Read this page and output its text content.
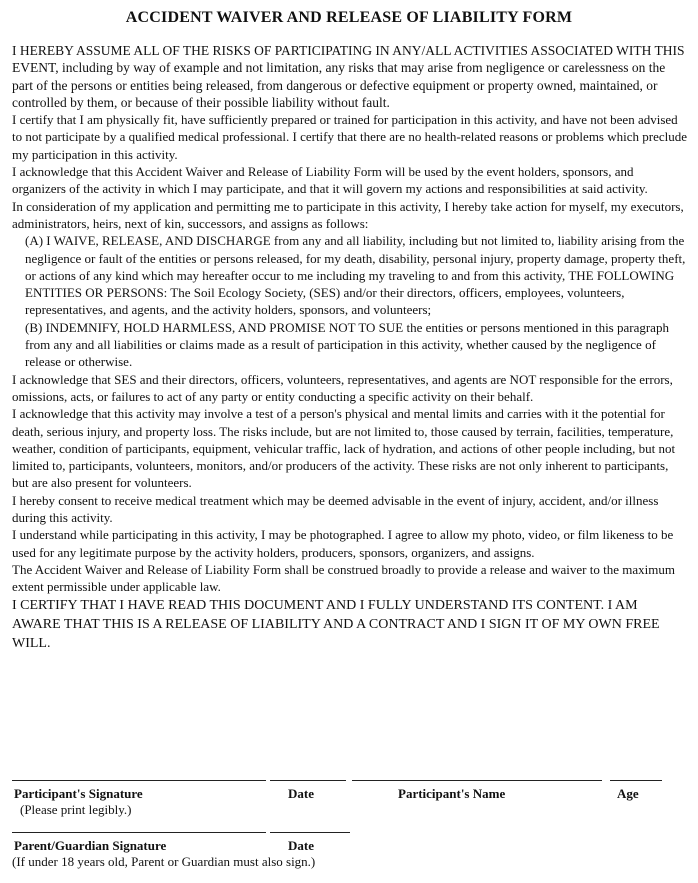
ACCIDENT WAIVER AND RELEASE OF LIABILITY FORM

I HEREBY ASSUME ALL OF THE RISKS OF PARTICIPATING IN ANY/ALL ACTIVITIES ASSOCIATED WITH THIS EVENT, including by way of example and not limitation, any risks that may arise from negligence or carelessness on the part of the persons or entities being released, from dangerous or defective equipment or property owned, maintained, or controlled by them, or because of their possible liability without fault.

I certify that I am physically fit, have sufficiently prepared or trained for participation in this activity, and have not been advised to not participate by a qualified medical professional. I certify that there are no health-related reasons or problems which preclude my participation in this activity.

I acknowledge that this Accident Waiver and Release of Liability Form will be used by the event holders, sponsors, and organizers of the activity in which I may participate, and that it will govern my actions and responsibilities at said activity.

In consideration of my application and permitting me to participate in this activity, I hereby take action for myself, my executors, administrators, heirs, next of kin, successors, and assigns as follows:

(A) I WAIVE, RELEASE, AND DISCHARGE from any and all liability, including but not limited to, liability arising from the negligence or fault of the entities or persons released, for my death, disability, personal injury, property damage, property theft, or actions of any kind which may hereafter occur to me including my traveling to and from this activity, THE FOLLOWING ENTITIES OR PERSONS: The Soil Ecology Society, (SES) and/or their directors, officers, employees, volunteers, representatives, and agents, and the activity holders, sponsors, and volunteers;

(B) INDEMNIFY, HOLD HARMLESS, AND PROMISE NOT TO SUE the entities or persons mentioned in this paragraph from any and all liabilities or claims made as a result of participation in this activity, whether caused by the negligence of release or otherwise.

I acknowledge that SES and their directors, officers, volunteers, representatives, and agents are NOT responsible for the errors, omissions, acts, or failures to act of any party or entity conducting a specific activity on their behalf.

I acknowledge that this activity may involve a test of a person's physical and mental limits and carries with it the potential for death, serious injury, and property loss. The risks include, but are not limited to, those caused by terrain, facilities, temperature, weather, condition of participants, equipment, vehicular traffic, lack of hydration, and actions of other people including, but not limited to, participants, volunteers, monitors, and/or producers of the activity. These risks are not only inherent to participants, but are also present for volunteers.

I hereby consent to receive medical treatment which may be deemed advisable in the event of injury, accident, and/or illness during this activity.

I understand while participating in this activity, I may be photographed. I agree to allow my photo, video, or film likeness to be used for any legitimate purpose by the activity holders, producers, sponsors, organizers, and assigns.

The Accident Waiver and Release of Liability Form shall be construed broadly to provide a release and waiver to the maximum extent permissible under applicable law.

I CERTIFY THAT I HAVE READ THIS DOCUMENT AND I FULLY UNDERSTAND ITS CONTENT. I AM AWARE THAT THIS IS A RELEASE OF LIABILITY AND A CONTRACT AND I SIGN IT OF MY OWN FREE WILL.

Participant's Signature	Date	Participant's Name	Age
(Please print legibly.)
Parent/Guardian Signature	Date
(If under 18 years old, Parent or Guardian must also sign.)
